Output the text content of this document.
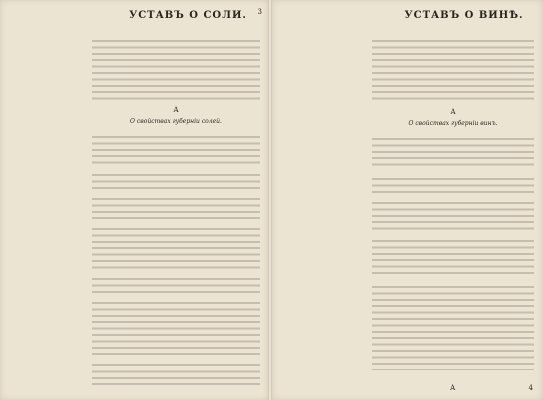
УСТАВЪ О СОЛИ.	3
А
О свойствах губерніи солей.
УСТАВЪ О ВИНѢ.
А
О свойствах губерніи винъ.
А	4
